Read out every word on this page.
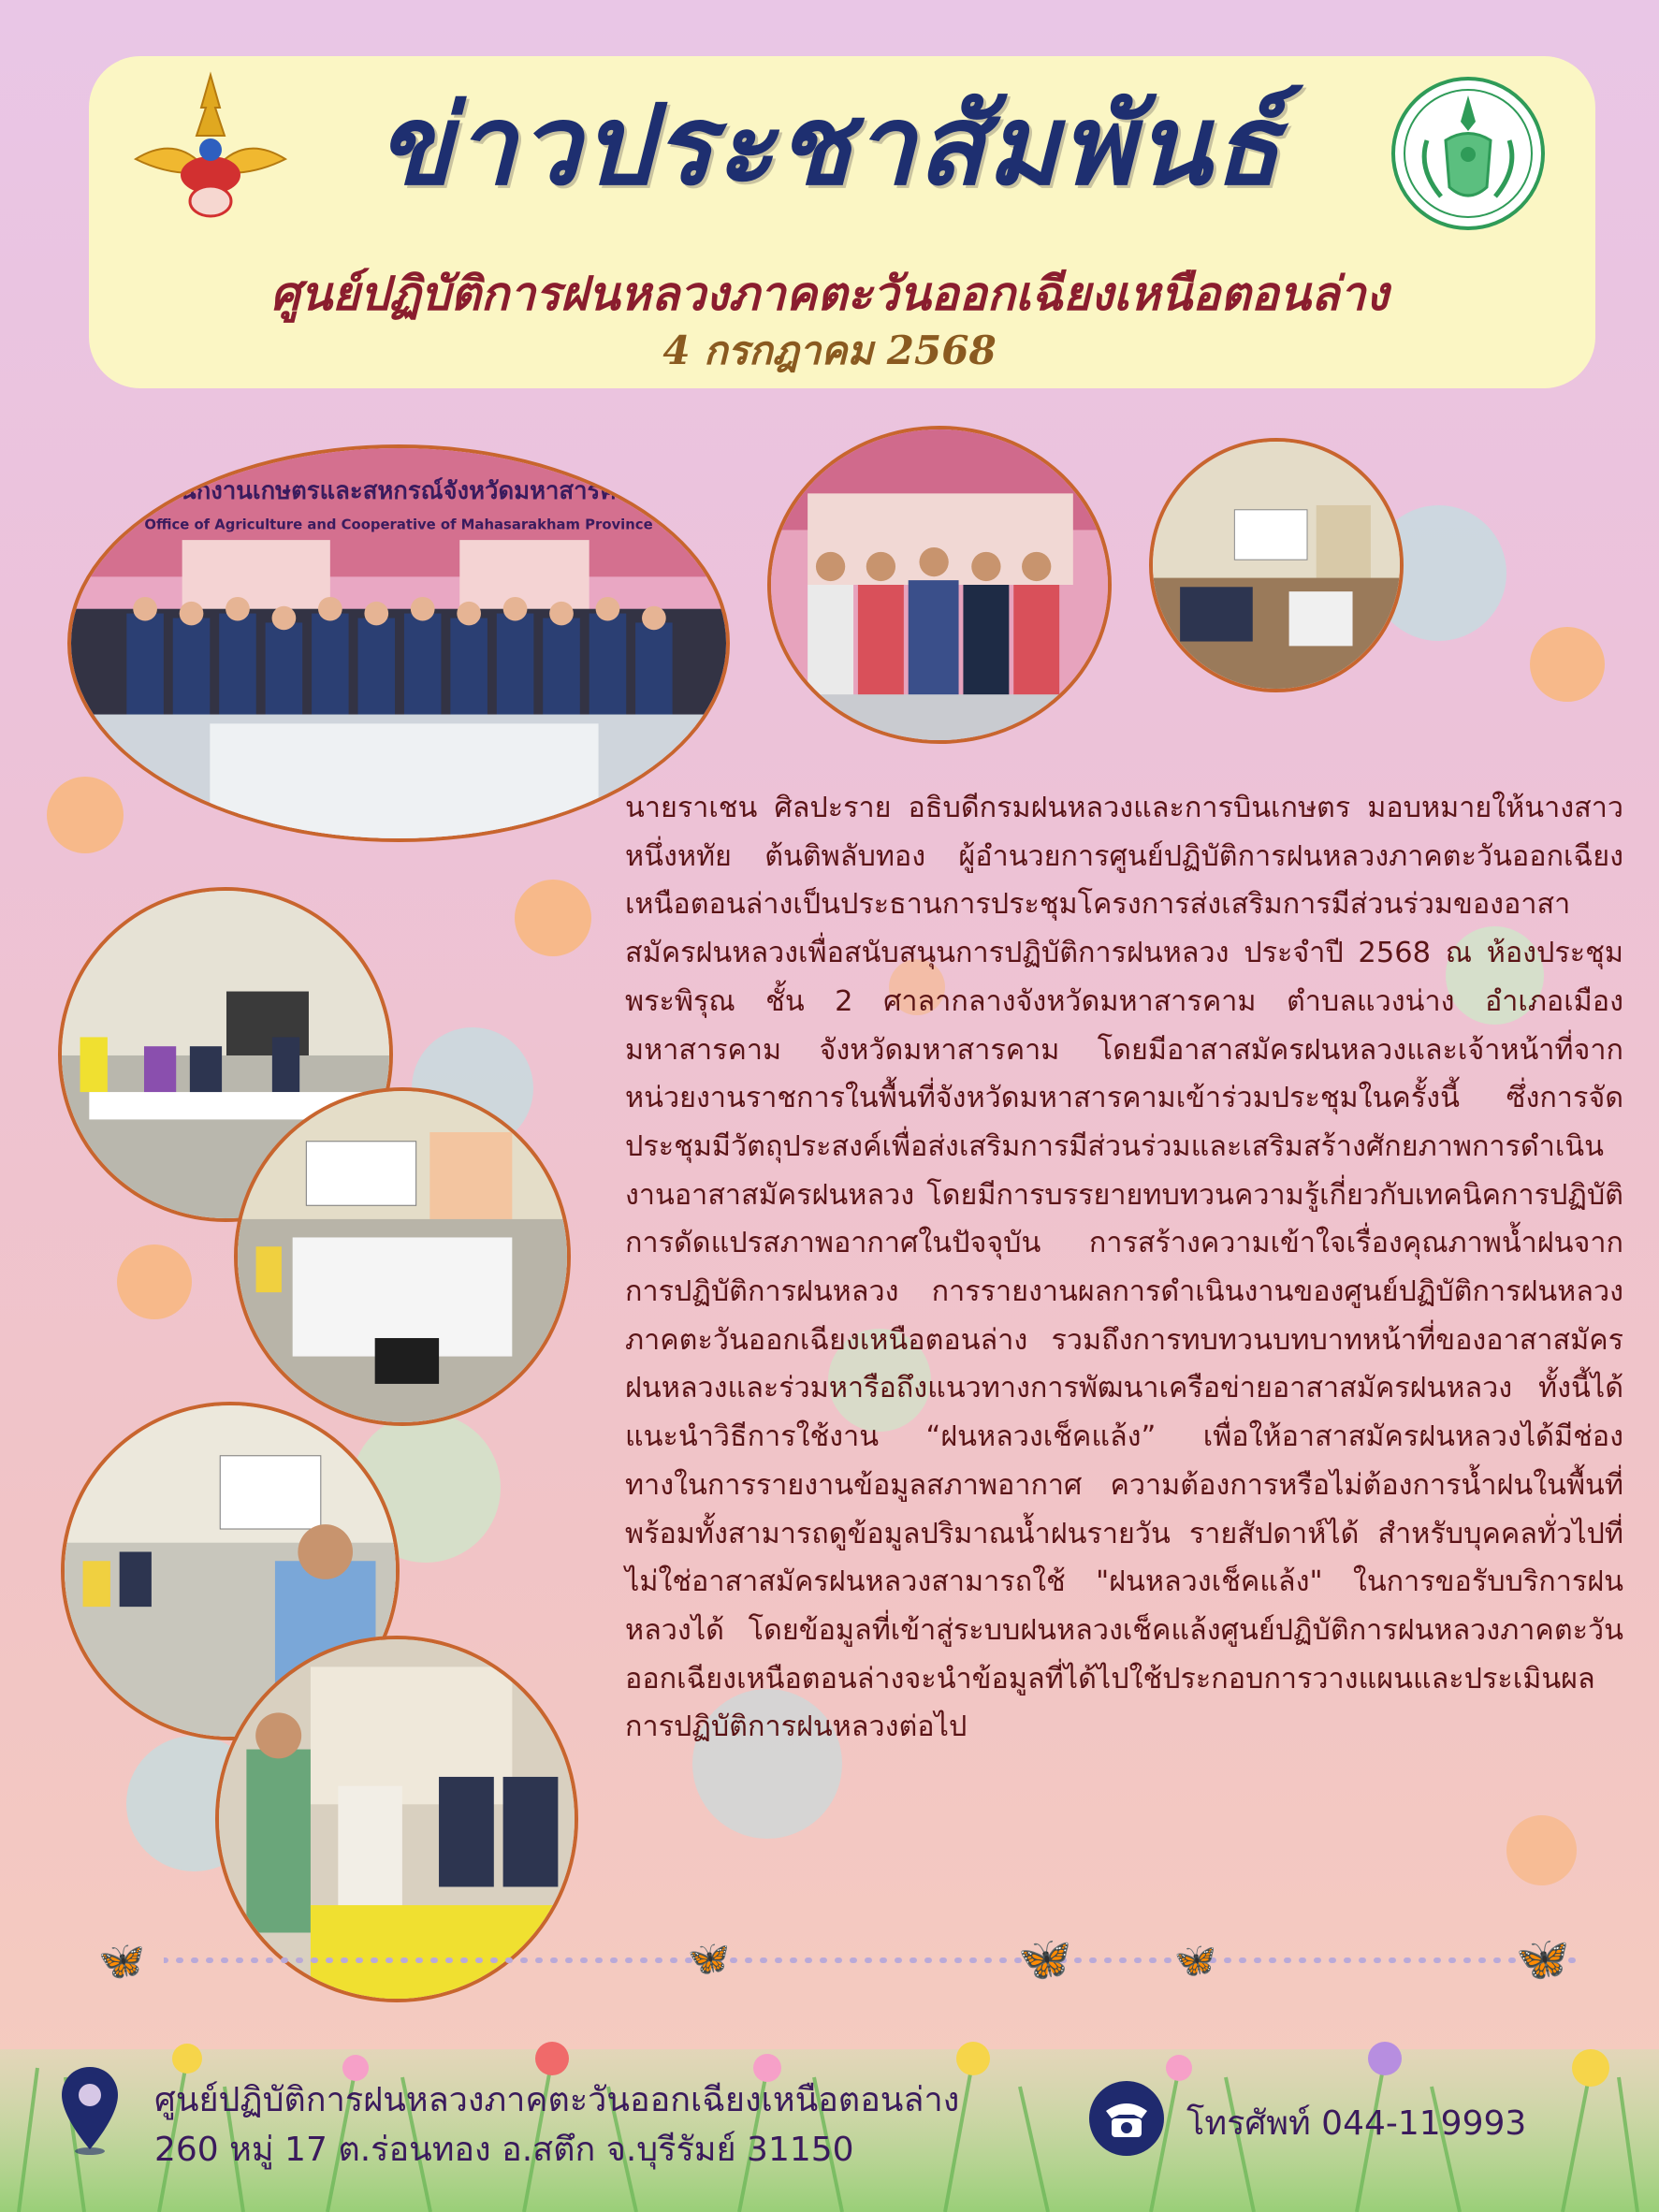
ข่าวประชาสัมพันธ์
ศูนย์ปฏิบัติการฝนหลวงภาคตะวันออกเฉียงเหนือตอนล่าง
4 กรกฎาคม 2568
สำนักงานเกษตรและสหกรณ์จังหวัดมหาสารคาม
Office of Agriculture and Cooperative of Mahasarakham Province
นายราเชน ศิลปะราย อธิบดีกรมฝนหลวงและการบินเกษตร มอบหมายให้นางสาวหนึ่งหทัย ต้นติพลับทอง ผู้อำนวยการศูนย์ปฏิบัติการฝนหลวงภาคตะวันออกเฉียงเหนือตอนล่างเป็นประธานการประชุมโครงการส่งเสริมการมีส่วนร่วมของอาสาสมัครฝนหลวงเพื่อสนับสนุนการปฏิบัติการฝนหลวง ประจำปี 2568 ณ ห้องประชุมพระพิรุณ ชั้น 2 ศาลากลางจังหวัดมหาสารคาม ตำบลแวงน่าง อำเภอเมืองมหาสารคาม จังหวัดมหาสารคาม โดยมีอาสาสมัครฝนหลวงและเจ้าหน้าที่จากหน่วยงานราชการในพื้นที่จังหวัดมหาสารคามเข้าร่วมประชุมในครั้งนี้ ซึ่งการจัดประชุมมีวัตถุประสงค์เพื่อส่งเสริมการมีส่วนร่วมและเสริมสร้างศักยภาพการดำเนินงานอาสาสมัครฝนหลวง โดยมีการบรรยายทบทวนความรู้เกี่ยวกับเทคนิคการปฏิบัติการดัดแปรสภาพอากาศในปัจจุบัน การสร้างความเข้าใจเรื่องคุณภาพน้ำฝนจากการปฏิบัติการฝนหลวง การรายงานผลการดำเนินงานของศูนย์ปฏิบัติการฝนหลวงภาคตะวันออกเฉียงเหนือตอนล่าง รวมถึงการทบทวนบทบาทหน้าที่ของอาสาสมัครฝนหลวงและร่วมหารือถึงแนวทางการพัฒนาเครือข่ายอาสาสมัครฝนหลวง ทั้งนี้ได้แนะนำวิธีการใช้งาน “ฝนหลวงเช็คแล้ง” เพื่อให้อาสาสมัครฝนหลวงได้มีช่องทางในการรายงานข้อมูลสภาพอากาศ ความต้องการหรือไม่ต้องการน้ำฝนในพื้นที่ พร้อมทั้งสามารถดูข้อมูลปริมาณน้ำฝนรายวัน รายสัปดาห์ได้ สำหรับบุคคลทั่วไปที่ไม่ใช่อาสาสมัครฝนหลวงสามารถใช้ "ฝนหลวงเช็คแล้ง" ในการขอรับบริการฝนหลวงได้ โดยข้อมูลที่เข้าสู่ระบบฝนหลวงเช็คแล้งศูนย์ปฏิบัติการฝนหลวงภาคตะวันออกเฉียงเหนือตอนล่างจะนำข้อมูลที่ได้ไปใช้ประกอบการวางแผนและประเมินผลการปฏิบัติการฝนหลวงต่อไป
🦋	🦋	🦋	🦋	🦋
ศูนย์ปฏิบัติการฝนหลวงภาคตะวันออกเฉียงเหนือตอนล่าง
260 หมู่ 17 ต.ร่อนทอง อ.สตึก จ.บุรีรัมย์ 31150
โทรศัพท์ 044-119993
